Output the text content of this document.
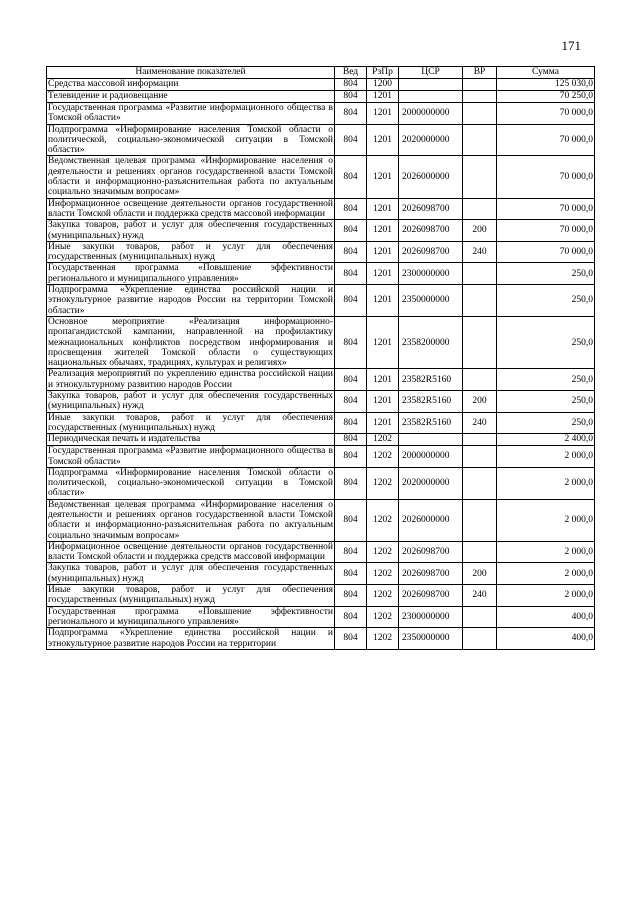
171
Наименование показателей	Вед	РзПр	ЦСР	ВР	Сумма
Средства массовой информации	804	1200			125 030,0
Телевидение и радиовещание	804	1201			70 250,0
Государственная программа «Развитие информационного общества в Томской области»	804	1201	2000000000		70 000,0
Подпрограмма «Информирование населения Томской области о политической, социально-экономической ситуации в Томской области»	804	1201	2020000000		70 000,0
Ведомственная целевая программа «Информирование населения о деятельности и решениях органов государственной власти Томской области и информационно-разъяснительная работа по актуальным социально значимым вопросам»	804	1201	2026000000		70 000,0
Информационное освещение деятельности органов государственной власти Томской области и поддержка средств массовой информации	804	1201	2026098700		70 000,0
Закупка товаров, работ и услуг для обеспечения государственных (муниципальных) нужд	804	1201	2026098700	200	70 000,0
Иные закупки товаров, работ и услуг для обеспечения государственных (муниципальных) нужд	804	1201	2026098700	240	70 000,0
Государственная программа «Повышение эффективности регионального и муниципального управления»	804	1201	2300000000		250,0
Подпрограмма «Укрепление единства российской нации и этнокультурное развитие народов России на территории Томской области»	804	1201	2350000000		250,0
Основное мероприятие «Реализация информационно-пропагандистской кампании, направленной на профилактику межнациональных конфликтов посредством информирования и просвещения жителей Томской области о существующих национальных обычаях, традициях, культурах и религиях»	804	1201	2358200000		250,0
Реализация мероприятий по укреплению единства российской нации и этнокультурному развитию народов России	804	1201	23582R5160		250,0
Закупка товаров, работ и услуг для обеспечения государственных (муниципальных) нужд	804	1201	23582R5160	200	250,0
Иные закупки товаров, работ и услуг для обеспечения государственных (муниципальных) нужд	804	1201	23582R5160	240	250,0
Периодическая печать и издательства	804	1202			2 400,0
Государственная программа «Развитие информационного общества в Томской области»	804	1202	2000000000		2 000,0
Подпрограмма «Информирование населения Томской области о политической, социально-экономической ситуации в Томской области»	804	1202	2020000000		2 000,0
Ведомственная целевая программа «Информирование населения о деятельности и решениях органов государственной власти Томской области и информационно-разъяснительная работа по актуальным социально значимым вопросам»	804	1202	2026000000		2 000,0
Информационное освещение деятельности органов государственной власти Томской области и поддержка средств массовой информации	804	1202	2026098700		2 000,0
Закупка товаров, работ и услуг для обеспечения государственных (муниципальных) нужд	804	1202	2026098700	200	2 000,0
Иные закупки товаров, работ и услуг для обеспечения государственных (муниципальных) нужд	804	1202	2026098700	240	2 000,0
Государственная программа «Повышение эффективности регионального и муниципального управления»	804	1202	2300000000		400,0
Подпрограмма «Укрепление единства российской нации и этнокультурное развитие народов России на территории	804	1202	2350000000		400,0
